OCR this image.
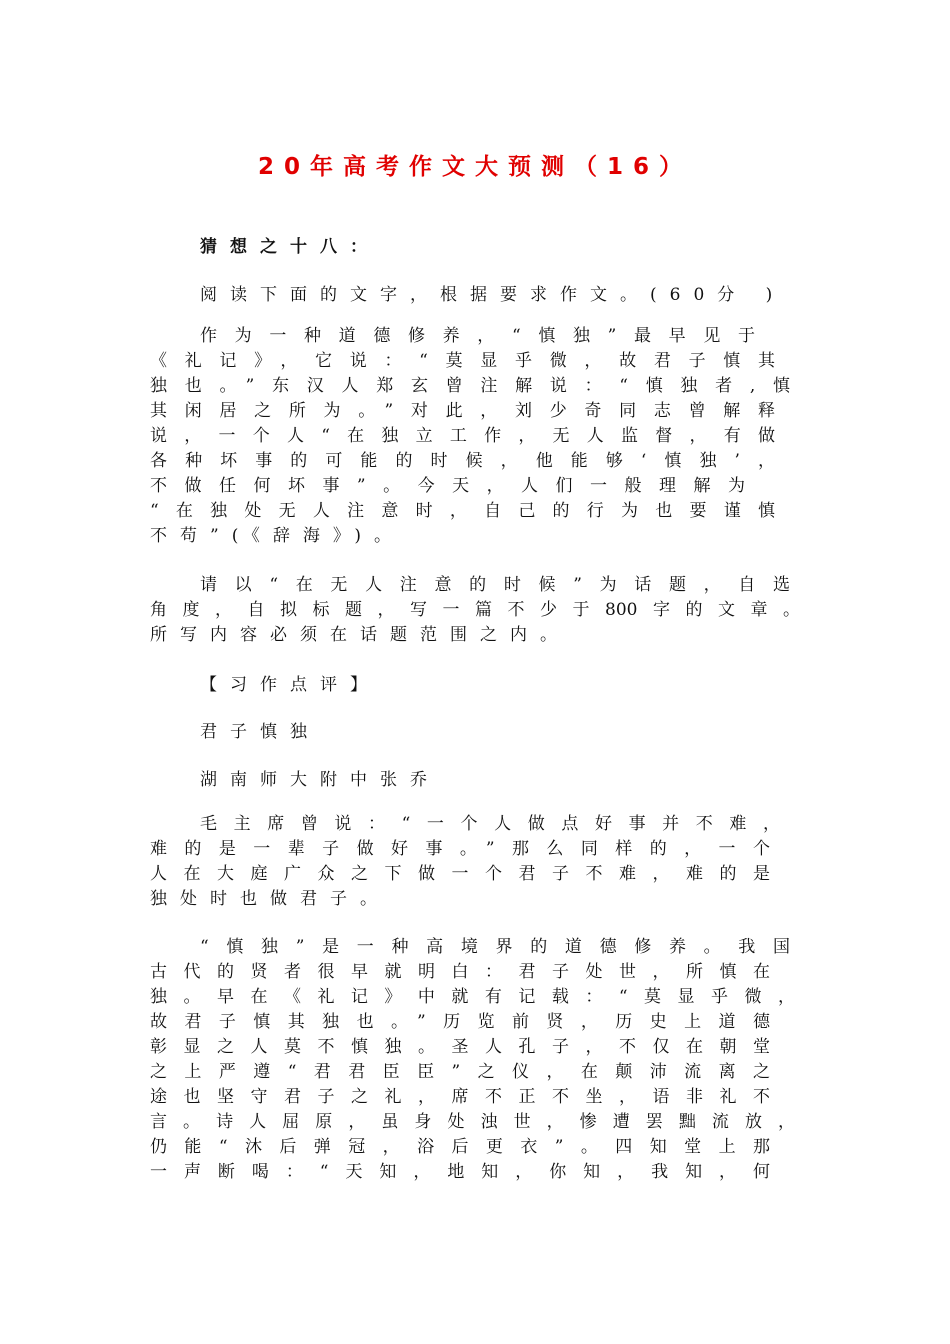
20年高考作文大预测（16）
猜想之十八：
阅读下面的文字，根据要求作文。(60分 )
作为一种道德修养，“慎独”最早见于
《礼记》，它说：“莫显乎微，故君子慎其
独也。”东汉人郑玄曾注解说：“慎独者,慎
其闲居之所为。”对此，刘少奇同志曾解释
说，一个人“在独立工作，无人监督，有做
各种坏事的可能的时候，他能够‘慎独’，
不做任何坏事”。今天，人们一般理解为
“在独处无人注意时，自己的行为也要谨慎
不苟”(《辞海》)。
请以“在无人注意的时候”为话题，自选
角度，自拟标题，写一篇不少于800字的文章。
所写内容必须在话题范围之内。
【习作点评】
君子慎独
湖南师大附中张乔
毛主席曾说：“一个人做点好事并不难，
难的是一辈子做好事。”那么同样的，一个
人在大庭广众之下做一个君子不难，难的是
独处时也做君子。
“慎独”是一种高境界的道德修养。我国
古代的贤者很早就明白：君子处世，所慎在
独。早在《礼记》中就有记载：“莫显乎微，
故君子慎其独也。”历览前贤，历史上道德
彰显之人莫不慎独。圣人孔子，不仅在朝堂
之上严遵“君君臣臣”之仪，在颠沛流离之
途也坚守君子之礼，席不正不坐，语非礼不
言。诗人屈原，虽身处浊世，惨遭罢黜流放，
仍能“沐后弹冠，浴后更衣”。四知堂上那
一声断喝：“天知，地知，你知，我知，何
